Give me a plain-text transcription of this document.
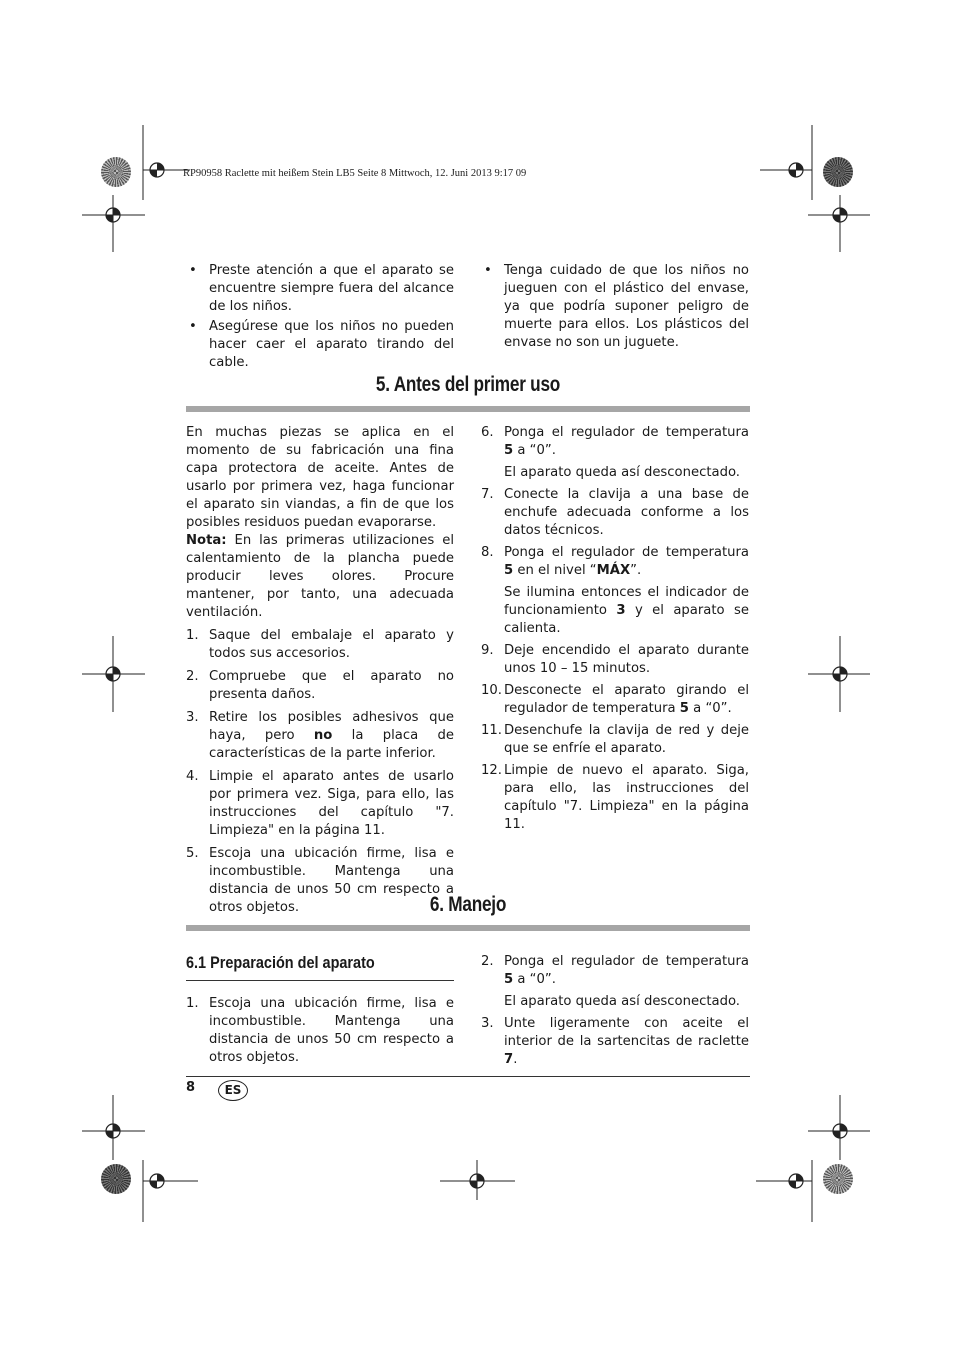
RP90958 Raclette mit heißem Stein LB5 Seite 8 Mittwoch, 12. Juni 2013 9:17 09

• Preste atención a que el aparato se encuentre siempre fuera del alcance de los niños.

• Asegúrese que los niños no pueden hacer caer el aparato tirando del cable.

• Tenga cuidado de que los niños no jueguen con el plástico del envase, ya que podría suponer peligro de muerte para ellos. Los plásticos del envase no son un juguete.

5. Antes del primer uso

En muchas piezas se aplica en el momento de su fabricación una fina capa protectora de aceite. Antes de usarlo por primera vez, haga funcionar el aparato sin viandas, a fin de que los posibles residuos puedan evaporarse.

Nota: En las primeras utilizaciones el calentamiento de la plancha puede producir leves olores. Procure mantener, por tanto, una adecuada ventilación.

1. Saque del embalaje el aparato y todos sus accesorios.

2. Compruebe que el aparato no presenta daños.

3. Retire los posibles adhesivos que haya, pero no la placa de características de la parte inferior.

4. Limpie el aparato antes de usarlo por primera vez. Siga, para ello, las instrucciones del capítulo "7. Limpieza" en la página 11.

5. Escoja una ubicación firme, lisa e incombustible. Mantenga una distancia de unos 50 cm respecto a otros objetos.

6. Ponga el regulador de temperatura 5 a “0”.

El aparato queda así desconectado.

7. Conecte la clavija a una base de enchufe adecuada conforme a los datos técnicos.

8. Ponga el regulador de temperatura 5 en el nivel “MÁX”.

Se ilumina entonces el indicador de funcionamiento 3 y el aparato se calienta.

9. Deje encendido el aparato durante unos 10 – 15 minutos.

10. Desconecte el aparato girando el regulador de temperatura 5 a “0”.

11. Desenchufe la clavija de red y deje que se enfríe el aparato.

12. Limpie de nuevo el aparato. Siga, para ello, las instrucciones del capítulo "7. Limpieza" en la página 11.

6. Manejo
6.1 Preparación del aparato

1. Escoja una ubicación firme, lisa e incombustible. Mantenga una distancia de unos 50 cm respecto a otros objetos.

2. Ponga el regulador de temperatura 5 a “0”.

El aparato queda así desconectado.

3. Unte ligeramente con aceite el interior de la sartencitas de raclette 7.

8	ES
